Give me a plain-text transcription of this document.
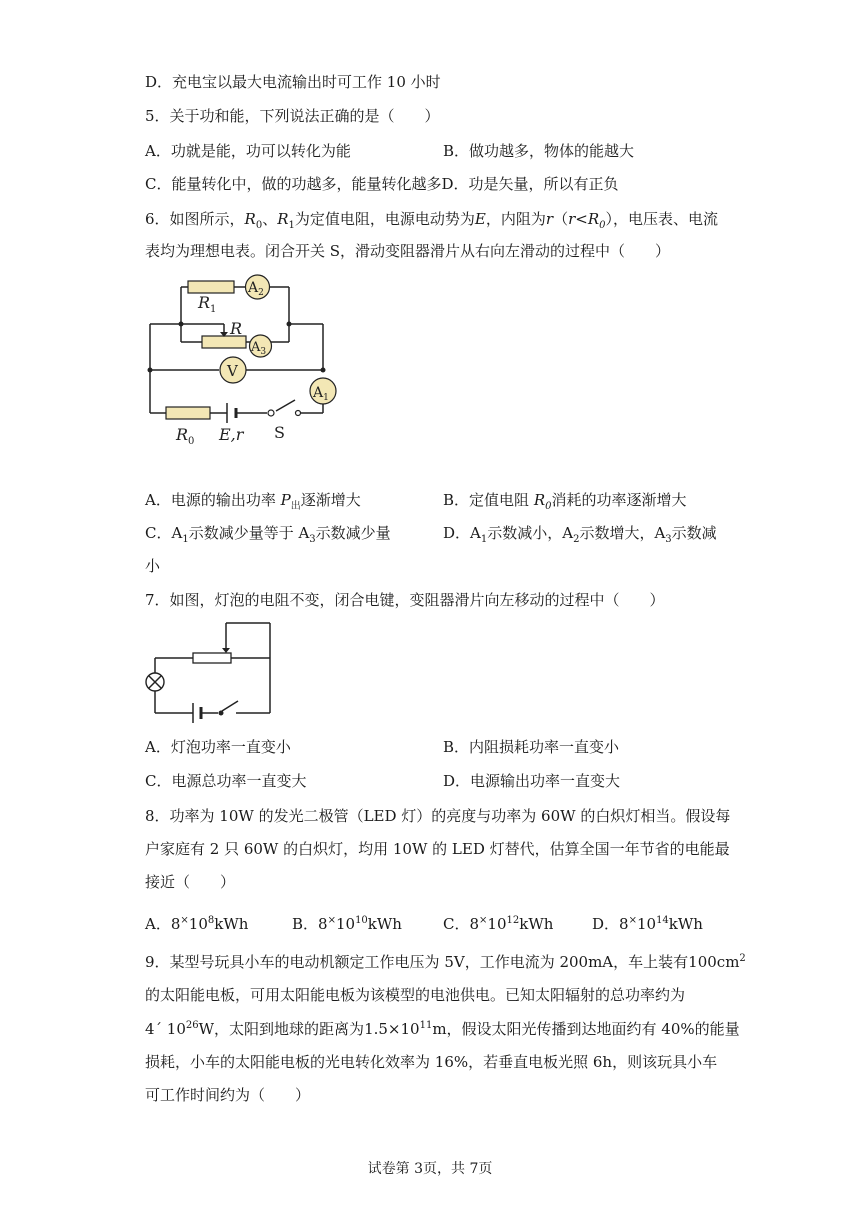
D．充电宝以最大电流输出时可工作 10 小时
5．关于功和能，下列说法正确的是（　　）
A．功就是能，功可以转化为能	B．做功越多，物体的能越大
C．能量转化中，做的功越多，能量转化越多D．功是矢量，所以有正负
6．如图所示，$R_0$、$R_1$为定值电阻，电源电动势为E，内阻为$r(r<R_0)$，电压表、电流
表均为理想电表。闭合开关 S，滑动变阻器滑片从右向左滑动的过程中（　　）
$A_2$
$A_3$
V
$A_1$
$R_1$
R
$R_0$ E,r S
A．电源的输出功率 $P_出$逐渐增大	B．定值电阻 $R_0$消耗的功率逐渐增大
C．$A_1$示数减少量等于 $A_3$示数减少量	D．$A_1$示数减小，$A_2$示数增大，$A_3$示数减
小
7．如图，灯泡的电阻不变，闭合电键，变阻器滑片向左移动的过程中（　　）
A．灯泡功率一直变小	B．内阻损耗功率一直变小
C．电源总功率一直变大	D．电源输出功率一直变大
8．功率为 10W 的发光二极管（LED 灯）的亮度与功率为 60W 的白炽灯相当。假设每
户家庭有 2 只 60W 的白炽灯，均用 10W 的 LED 灯替代，估算全国一年节省的电能最
接近（　　）
A．$8^\times 10^8kWh$	B．$8^\times 10^{10}kWh$	C．$8^\times 10^{12}kWh$	D．$8^\times 10^{14}kWh$
9．某型号玩具小车的电动机额定工作电压为 5V，工作电流为 200mA，车上装有$100cm^2$
的太阳能电板，可用太阳能电板为该模型的电池供电。已知太阳辐射的总功率约为
4´ $10^{26}W$，太阳到地球的距离为$1.5\times 10^{11}m$，假设太阳光传播到达地面约有 40%的能量
损耗，小车的太阳能电板的光电转化效率为 16%，若垂直电板光照 6h，则该玩具小车
可工作时间约为（　　）
试卷第 3页，共 7页
